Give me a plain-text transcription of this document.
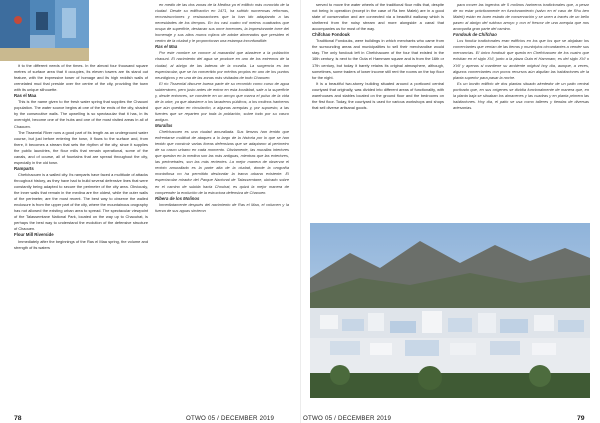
it to the different needs of the times. In the almost four thousand square metres of surface area that it occupies, its eleven towers are its stand out feature, with the impressive tower of homage and its high reddish walls of crenelated mud that preside over the centre of the city, providing the town with its unique silhouette.

Ras el Maa

This is the name given to the fresh water spring that supplies the Chaouni population. The water source begins at one of the far ends of the city, shaded by the consecutive walls. The upwelling is so spectacular that it has, in its overnight, become one of the hubs and one of the most visited areas in all of Chaouen.

The Tissemlal River runs a good part of its length as an underground water course, but just before entering the town, it flows to the surface and, from there, it becomes a stream that sets the rhythm of the city, since it supplies the public laundries, the flour mills that remain operational, some of the canals, and of course, all of fountains that are spread throughout the city, especially in the old town.

Ramparts

Chefchaouen is a walled city. Its ramparts have faced a multitude of attacks throughout history, as they have had to build several defensive lines that were constantly being adapted to secure the perimeter of the city area. Obviously, the inner walls that remain in the medina are the oldest, while the outer walls of the perimeter, are the most recent. The best way to observe the walled enclosure is from the upper part of the city, where the mountainous orography has not allowed the existing urban area to spread. The spectacular viewpoint of the Talassemtane National Park, located on the way up to Chaouhat, is perhaps the best way to understand the evolution of the defensive structure of Chaouen.

Flour Mill Riverside

Immediately after the beginnings of the Ras el Maa spring, the volume and strength of its waters

en medio de las dos zonas de la Medina ya el edificio más conocido de la ciudad. Desde su edificación en 1471, ha sufrido numerosas reformas, reconstrucciones y restauraciones que la han ido adaptando a las necesidades de los tiempos. En los casi cuatro mil metros cuadrados que ocupa de superficie, destacan sus once torreones, la impresionante torre del homenaje y sus altos muros rojizos de adobe almenados que presiden el centro de la ciudad y le proporcionan una estampa inconfundible.

Ras el Maa

Por este nombre se conoce al manantial que abastece a la población chaouni. El nacimiento del agua se produce en uno de los extremos de la ciudad, al abrigo de las laderas de la muralla. La surgencia es tan espectacular, que se ha convertido por méritos propios en uno de los puntos neurálgicos y en una de las zonas más visitadas de todo Chaouen.

El río Tissemlal discurre buena parte de su recorrido como curso de agua subterráneo, pero justo antes de entrar en esta localidad, sale a la superficie y, desde entonces, se convierte en un arroyo que marca el pulso de la vida de la urbe, ya que abastece a los lavaderos públicos, a los molinos harineros que aún quedan en circulación, a algunas acequias y, por supuesto, a las fuentes que se reparten por toda la población, sobre todo por su casco antiguo.

Murallas

Chefchaouen es una ciudad amurallada. Sus lienzos han tenido que enfrentarse multitud de ataques a lo largo de la historia por lo que se han tenido que construir varias líneas defensivas que se adaptaron al perímetro de su casco urbano en cada momento. Obviamente, las murallas interiores que quedan en la medina son las más antiguas, mientras que las exteriores, las perimetrales, son las más recientes. La mejor manera de observar el recinto amurallado es la parte alta de la ciudad, donde la orografía montañosa no ha permitido desbordar la trama urbana existente. El espectacular mirador del Parque Nacional de Talassemtane, ubicado sobre en el camino de subida hacia Chouhat, es quizá la mejor manera de comprender la evolución de la estructura defensiva de Chaouen.

Ribera de los Molinos

Inmediatamente después del nacimiento de Ras el Maa, el volumen y la fuerza de sus aguas sirvieron

78	OTWO 05 / DECEMBER 2019

served to move the water wheels of the traditional flour mills that, despite not being in operation (except in the case of Ra ben Malek) are in a good state of conservation and are connected via a beautiful walkway which is sheltered from the noisy stream and more alongside a canal that accompanies us for most of the way.

Chifchao Fondouk

Traditional Fondouks, were buildings in which merchants who came from the surrounding areas and municipalities to sell their merchandise would stay. The only fondouk left in Chefchaouen of the four that existed in the 16th century, is next to the Outa el Hammam square and is from the 16th or 17th century, but today it barely retains its original atmosphere, although, sometimes, some traders of lower income still rent the rooms on the top floor for the night.

It is a beautiful two-storey building situated around a porticoed central courtyard that originally, was divided into different areas of functionality, with warehouses and stables located on the ground floor and the bedrooms on the first floor. Today, the courtyard is used for various workshops and shops that sell diverse artisanal goods.

para mover las ingenios de 5 molinos harineros tradicionales que, a pesar de no estar prácticamente en funcionamiento (salvo en el caso de Rhu ben Malek) están en buen estado de conservación y se unen a través de un bello paseo al abrigo del ruidoso arroyo y con el frescor de una acequia que nos acompaña gran parte del camino.

Fondouk de Chifchao

Los fondúz tradicionales eran edificios en los que los que se alojaban los comerciantes que venían de las tierras y municipios circundantes a vender sus mercancías. El único fondouk que queda en Chefchaouen de los cuatro que existían en el siglo XVI, junto a la plaza Outa el Hammam, es del siglo XVI o XVII y apenas si mantiene su ambiente original hoy día, aunque, a veces, algunos comerciantes con pocos recursos aún alquilan las habitaciones de la planta superior para pasar la noche.

Es un bonito edificio de dos plantas situado alrededor de un patio central porticado que, en sus orígenes se dividía funcionalmente de manera que, en la planta baja se situaban los almacenes y las cuadras y en planta primera las habitaciones. Hoy día, el patio se usa como talleres y tiendas de diversas artesanías.

OTWO 05 / DECEMBER 2019	79
